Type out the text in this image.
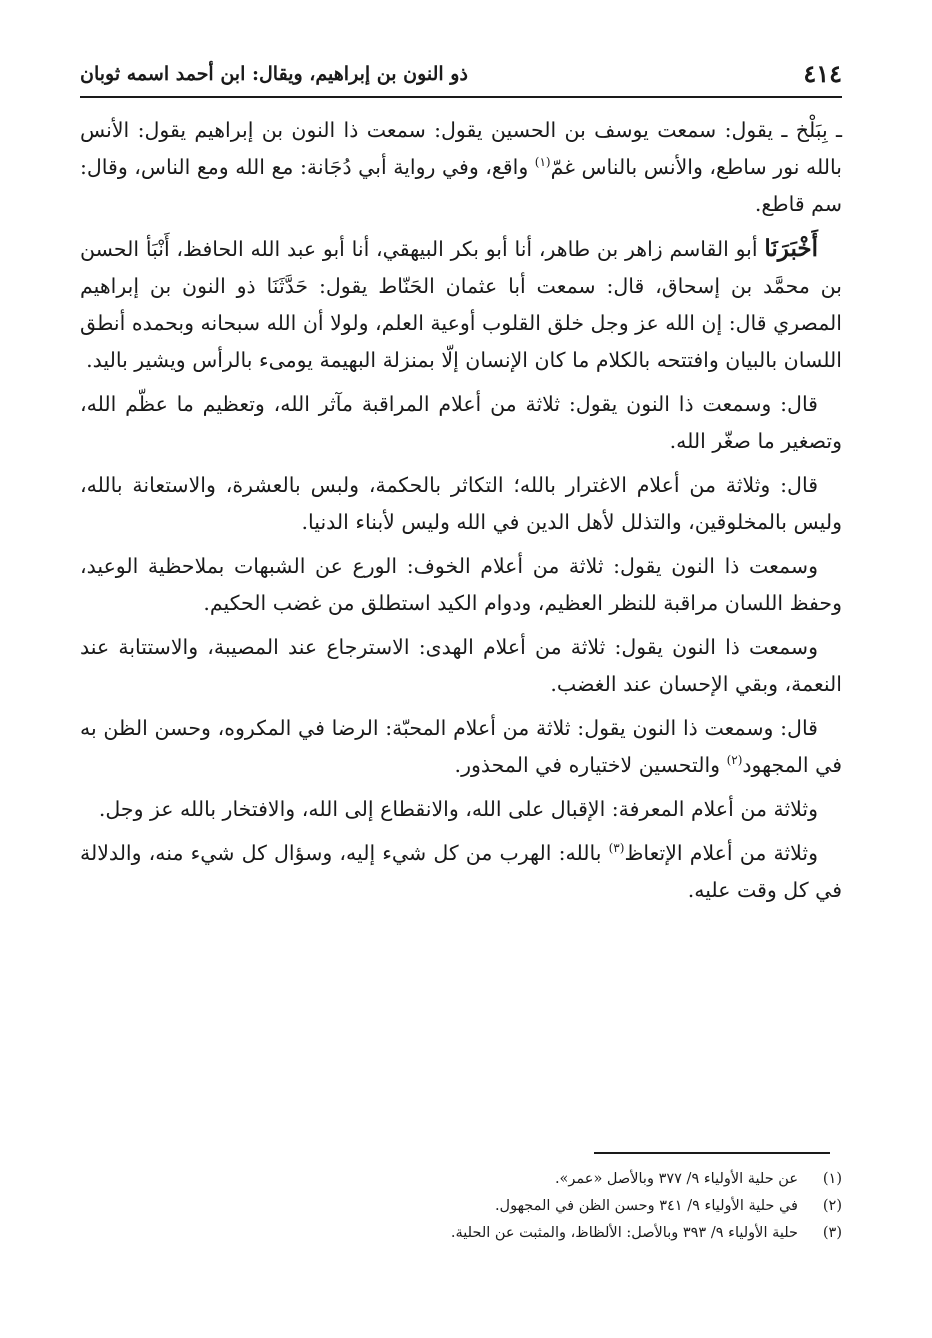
٤١٤
ذو النون بن إبراهيم، ويقال: ابن أحمد اسمه ثوبان

ـ بِبَلْخ ـ يقول: سمعت يوسف بن الحسين يقول: سمعت ذا النون بن إبراهيم يقول: الأنس بالله نور ساطع، والأنس بالناس غمّ$^{(١)}$ واقع، وفي رواية أبي دُجَانة: مع الله ومع الناس، وقال: سم قاطع.

أَخْبَرَنَا أبو القاسم زاهر بن طاهر، أنا أبو بكر البيهقي، أنا أبو عبد الله الحافظ، أَنْبَأ الحسن بن محمَّد بن إسحاق، قال: سمعت أبا عثمان الحَنّاط يقول: حَدَّثَنَا ذو النون بن إبراهيم المصري قال: إن الله عز وجل خلق القلوب أوعية العلم، ولولا أن الله سبحانه وبحمده أنطق اللسان بالبيان وافتتحه بالكلام ما كان الإنسان إلّا بمنزلة البهيمة يومىء بالرأس ويشير باليد.

قال: وسمعت ذا النون يقول: ثلاثة من أعلام المراقبة مآثر الله، وتعظيم ما عظّم الله، وتصغير ما صغّر الله.

قال: وثلاثة من أعلام الاغترار بالله؛ التكاثر بالحكمة، ولبس بالعشرة، والاستعانة بالله، وليس بالمخلوقين، والتذلل لأهل الدين في الله وليس لأبناء الدنيا.

وسمعت ذا النون يقول: ثلاثة من أعلام الخوف: الورع عن الشبهات بملاحظية الوعيد، وحفظ اللسان مراقبة للنظر العظيم، ودوام الكيد استطلق من غضب الحكيم.

وسمعت ذا النون يقول: ثلاثة من أعلام الهدى: الاسترجاع عند المصيبة، والاستتابة عند النعمة، وبقي الإحسان عند الغضب.

قال: وسمعت ذا النون يقول: ثلاثة من أعلام المحبّة: الرضا في المكروه، وحسن الظن به في المجهود$^{(٢)}$ والتحسين لاختياره في المحذور.

وثلاثة من أعلام المعرفة: الإقبال على الله، والانقطاع إلى الله، والافتخار بالله عز وجل.

وثلاثة من أعلام الإتعاظ$^{(٣)}$ بالله: الهرب من كل شيء إليه، وسؤال كل شيء منه، والدلالة في كل وقت عليه.

(١)
عن حلية الأولياء ٩/ ٣٧٧ وبالأصل «عمر».
(٢)
في حلية الأولياء ٩/ ٣٤١ وحسن الظن في المجهول.
(٣)
حلية الأولياء ٩/ ٣٩٣ وبالأصل: الألظاظ، والمثبت عن الحلية.
